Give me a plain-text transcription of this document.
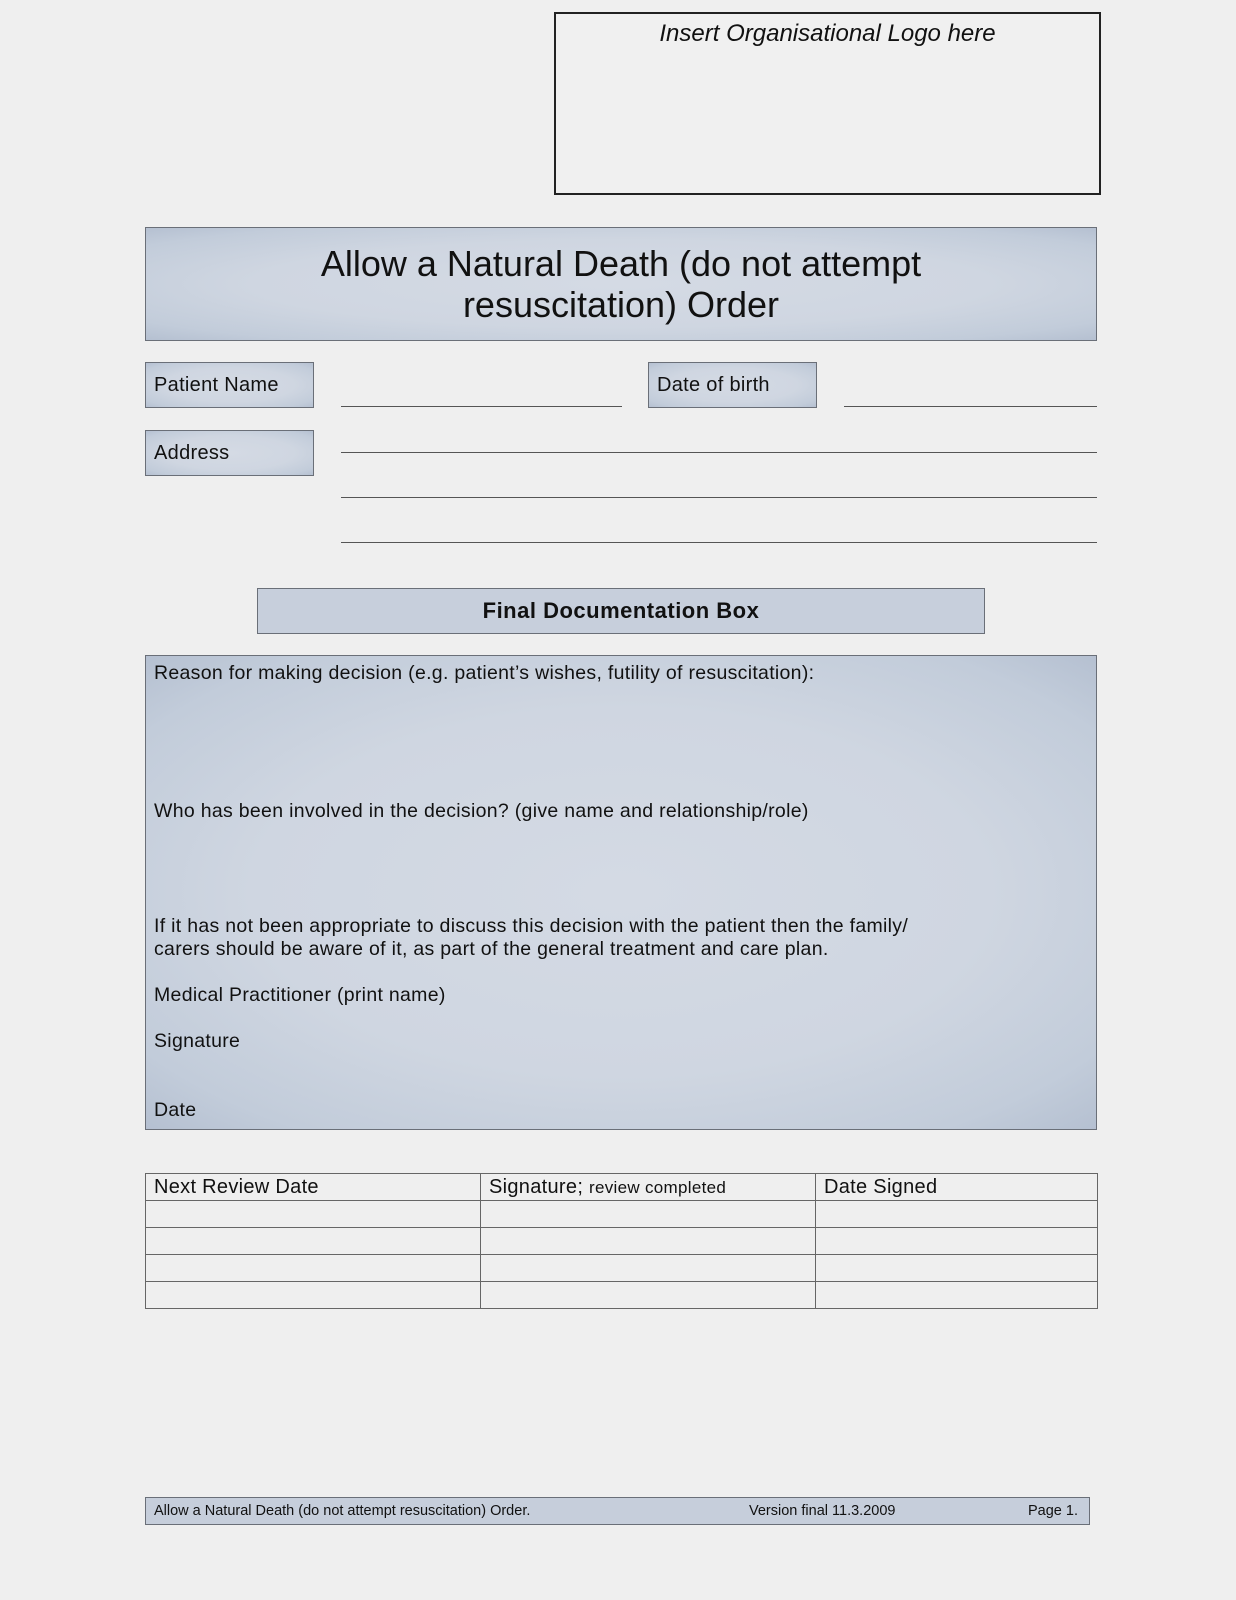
Insert Organisational Logo here
Allow a Natural Death (do not attempt resuscitation) Order
Patient Name	Date of birth
Address
Final Documentation Box
Reason for making decision (e.g. patient’s wishes, futility of resuscitation):
Who has been involved in the decision? (give name and relationship/role)
If it has not been appropriate to discuss this decision with the patient then the family/
carers should be aware of it, as part of the general treatment and care plan.
Medical Practitioner (print name)
Signature
Date
Next Review Date	Signature; review completed	Date Signed

Allow a Natural Death (do not attempt resuscitation) Order.	Version final 11.3.2009	Page 1.
